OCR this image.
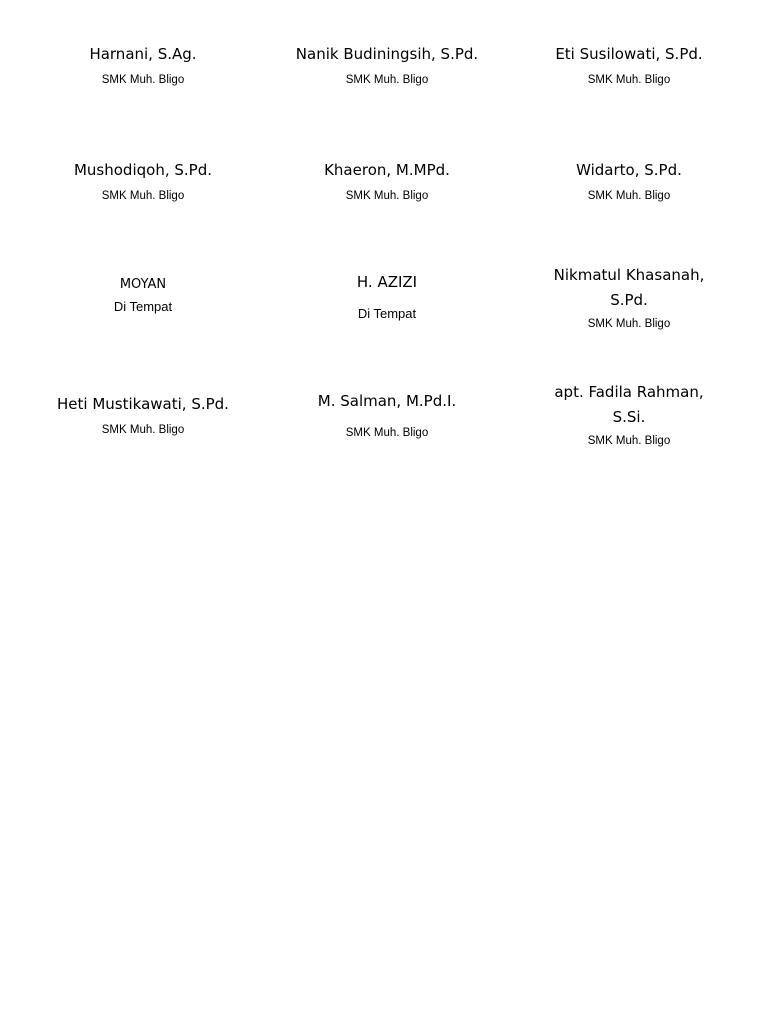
Harnani, S.Ag.
SMK Muh. Bligo
Nanik Budiningsih, S.Pd.
SMK Muh. Bligo
Eti Susilowati, S.Pd.
SMK Muh. Bligo
Mushodiqoh, S.Pd.
SMK Muh. Bligo
Khaeron, M.MPd.
SMK Muh. Bligo
Widarto, S.Pd.
SMK Muh. Bligo
MOYAN
Di Tempat
H. AZIZI
Di Tempat
Nikmatul Khasanah, S.Pd.
SMK Muh. Bligo
Heti Mustikawati, S.Pd.
SMK Muh. Bligo
M. Salman, M.Pd.I.
SMK Muh. Bligo
apt. Fadila Rahman, S.Si.
SMK Muh. Bligo
